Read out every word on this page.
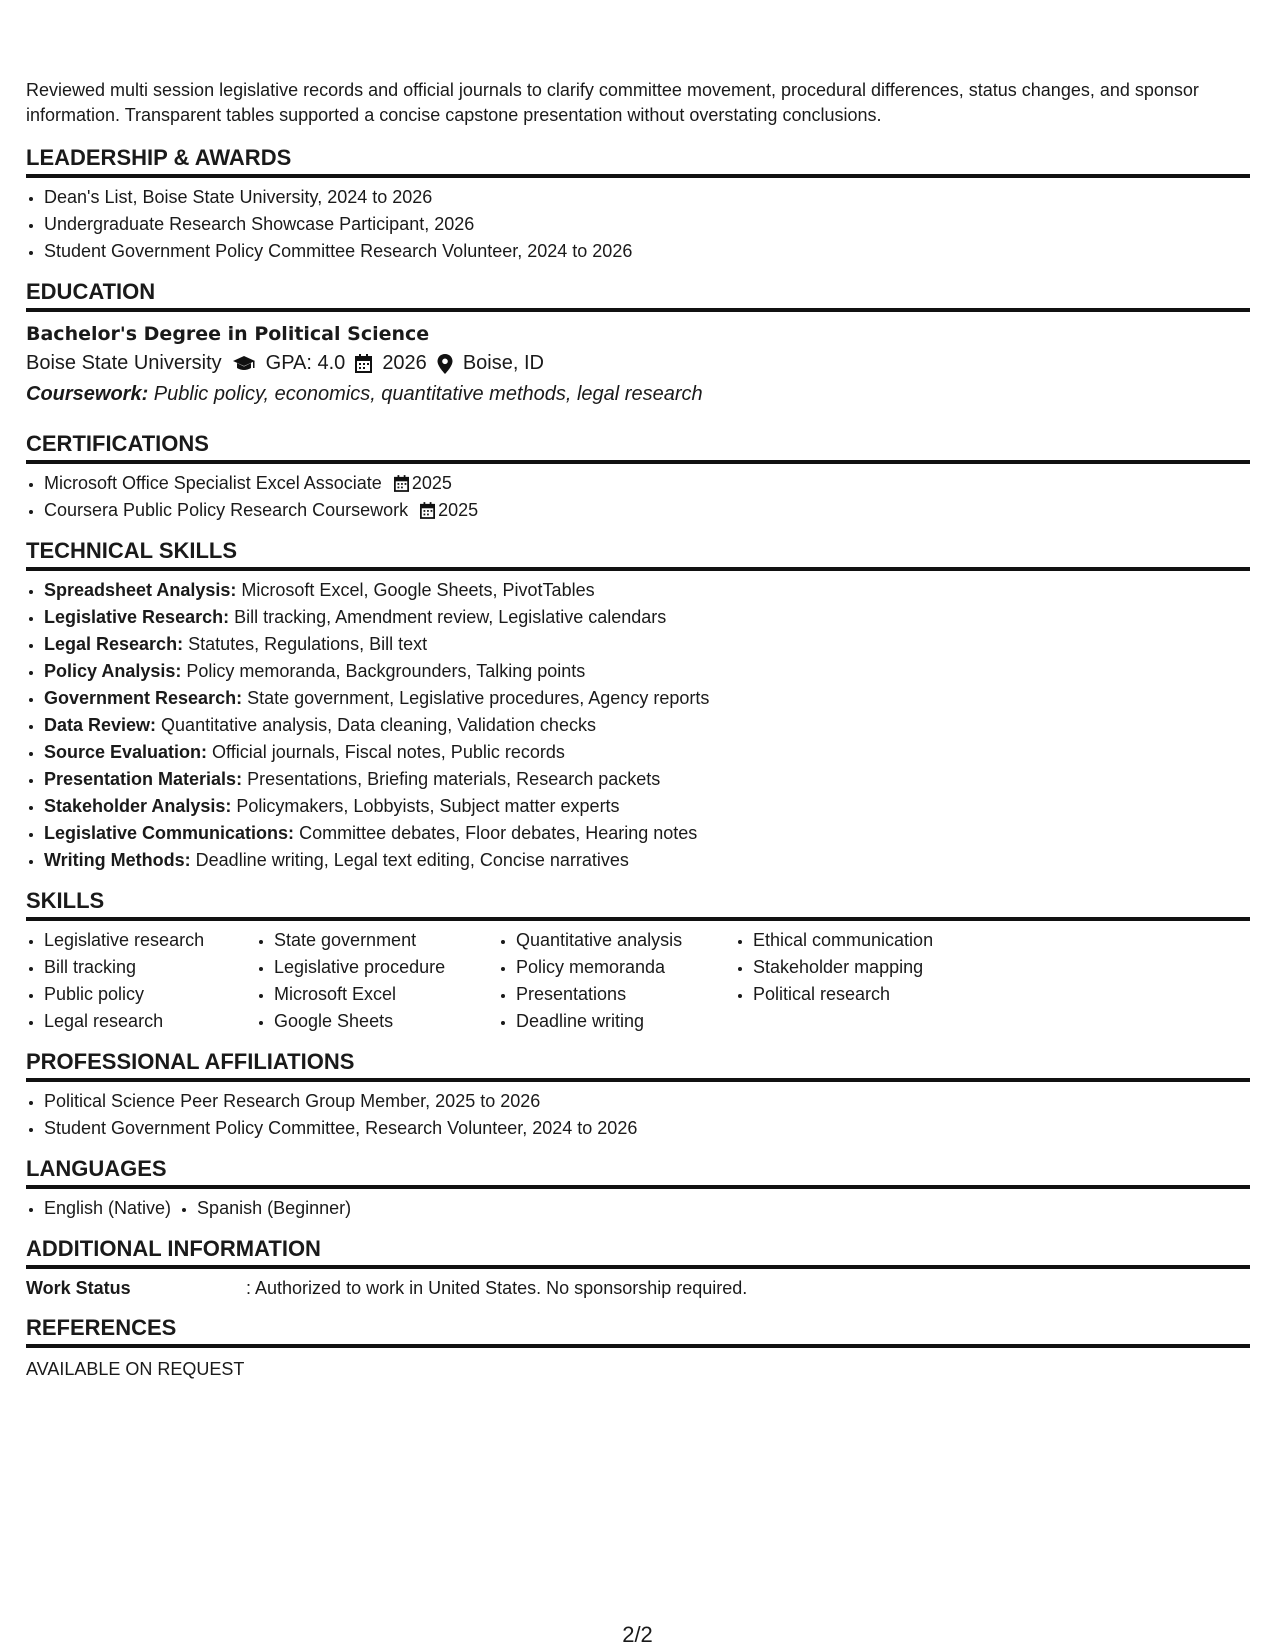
Reviewed multi session legislative records and official journals to clarify committee movement, procedural differences, status changes, and sponsor information. Transparent tables supported a concise capstone presentation without overstating conclusions.

LEADERSHIP & AWARDS
• Dean's List, Boise State University, 2024 to 2026
• Undergraduate Research Showcase Participant, 2026
• Student Government Policy Committee Research Volunteer, 2024 to 2026
EDUCATION
Bachelor's Degree in Political Science
Boise State University GPA: 4.0 2026 Boise, ID
Coursework: Public policy, economics, quantitative methods, legal research
CERTIFICATIONS
• Microsoft Office Specialist Excel Associate 2025
• Coursera Public Policy Research Coursework 2025
TECHNICAL SKILLS
• Spreadsheet Analysis: Microsoft Excel, Google Sheets, PivotTables
• Legislative Research: Bill tracking, Amendment review, Legislative calendars
• Legal Research: Statutes, Regulations, Bill text
• Policy Analysis: Policy memoranda, Backgrounders, Talking points
• Government Research: State government, Legislative procedures, Agency reports
• Data Review: Quantitative analysis, Data cleaning, Validation checks
• Source Evaluation: Official journals, Fiscal notes, Public records
• Presentation Materials: Presentations, Briefing materials, Research packets
• Stakeholder Analysis: Policymakers, Lobbyists, Subject matter experts
• Legislative Communications: Committee debates, Floor debates, Hearing notes
• Writing Methods: Deadline writing, Legal text editing, Concise narratives
SKILLS
• Legislative research
• Bill tracking
• Public policy
• Legal research
• State government
• Legislative procedure
• Microsoft Excel
• Google Sheets
• Quantitative analysis
• Policy memoranda
• Presentations
• Deadline writing
• Ethical communication
• Stakeholder mapping
• Political research
PROFESSIONAL AFFILIATIONS
• Political Science Peer Research Group Member, 2025 to 2026
• Student Government Policy Committee, Research Volunteer, 2024 to 2026
LANGUAGES
• English (Native)
• Spanish (Beginner)
ADDITIONAL INFORMATION
Work Status	: Authorized to work in United States. No sponsorship required.
REFERENCES
AVAILABLE ON REQUEST
2/2
